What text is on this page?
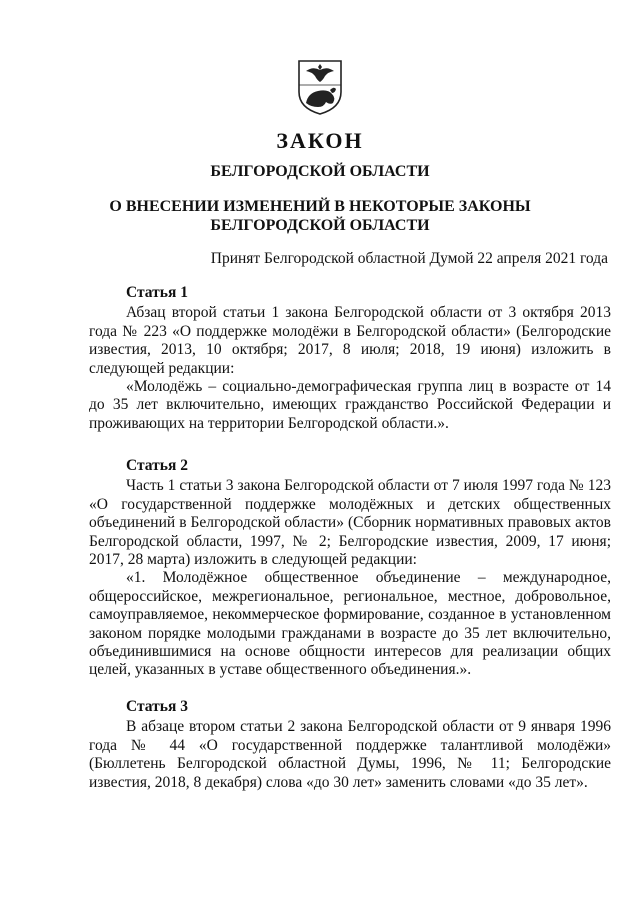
ЗАКОН
БЕЛГОРОДСКОЙ ОБЛАСТИ
О ВНЕСЕНИИ ИЗМЕНЕНИЙ В НЕКОТОРЫЕ ЗАКОНЫ БЕЛГОРОДСКОЙ ОБЛАСТИ
Принят Белгородской областной Думой 22 апреля 2021 года
Статья 1

Абзац второй статьи 1 закона Белгородской области от 3 октября 2013 года № 223 «О поддержке молодёжи в Белгородской области» (Белгородские известия, 2013, 10 октября; 2017, 8 июля; 2018, 19 июня) изложить в следующей редакции:

«Молодёжь – социально-демографическая группа лиц в возрасте от 14 до 35 лет включительно, имеющих гражданство Российской Федерации и проживающих на территории Белгородской области.».

Статья 2

Часть 1 статьи 3 закона Белгородской области от 7 июля 1997 года № 123 «О государственной поддержке молодёжных и детских общественных объединений в Белгородской области» (Сборник нормативных правовых актов Белгородской области, 1997, № 2; Белгородские известия, 2009, 17 июня; 2017, 28 марта) изложить в следующей редакции:

«1. Молодёжное общественное объединение – международное, общероссийское, межрегиональное, региональное, местное, добровольное, самоуправляемое, некоммерческое формирование, созданное в установленном законом порядке молодыми гражданами в возрасте до 35 лет включительно, объединившимися на основе общности интересов для реализации общих целей, указанных в уставе общественного объединения.».

Статья 3

В абзаце втором статьи 2 закона Белгородской области от 9 января 1996 года № 44 «О государственной поддержке талантливой молодёжи» (Бюллетень Белгородской областной Думы, 1996, № 11; Белгородские известия, 2018, 8 декабря) слова «до 30 лет» заменить словами «до 35 лет».
